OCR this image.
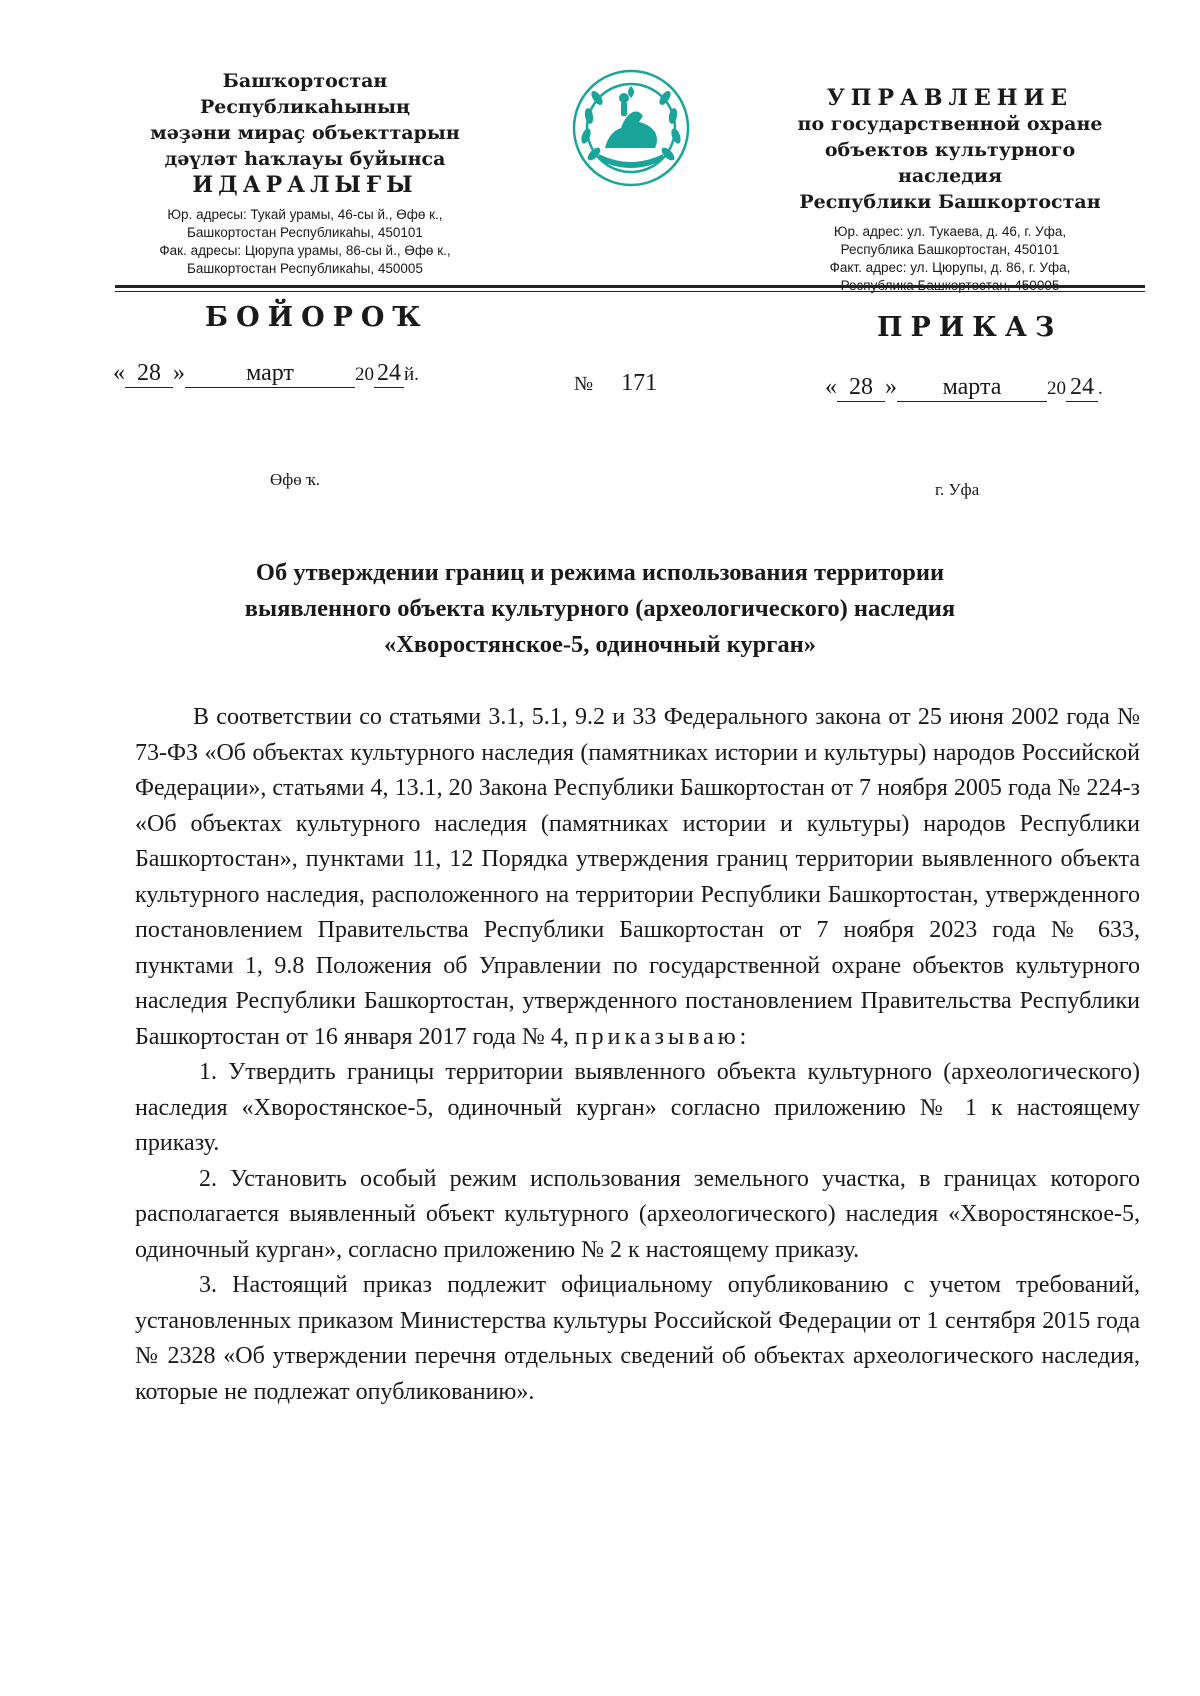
Башҡортостан Республикаһының
мәҙәни мираҫ объекттарын
дәүләт һаҡлауы буйынса
ИДАРАЛЫҒЫ
Юр. адресы: Тукай урамы, 46-сы й., Өфө к.,
Башкортостан Республикаһы, 450101
Фак. адресы: Цюрупа урамы, 86-сы й., Өфө к.,
Башкортостан Республикаһы, 450005
УПРАВЛЕНИЕ
по государственной охране
объектов культурного наследия
Республики Башкортостан
Юр. адрес: ул. Тукаева, д. 46, г. Уфа,
Республика Башкортостан, 450101
Факт. адрес: ул. Цюрупы, д. 86, г. Уфа,
БОЙОРОҠ	ПРИКАЗ
« 28 »	март	20 24 й.	№ 171	« 28 » марта 20 24 .
Өфө ҡ.
г. Уфа
Об утверждении границ и режима использования территории
выявленного объекта культурного (археологического) наследия
«Хворостянское-5, одиночный курган»

В соответствии со статьями 3.1, 5.1, 9.2 и 33 Федерального закона от 25 июня 2002 года № 73-ФЗ «Об объектах культурного наследия (памятниках истории и культуры) народов Российской Федерации», статьями 4, 13.1, 20 Закона Республики Башкортостан от 7 ноября 2005 года № 224-з «Об объектах культурного наследия (памятниках истории и культуры) народов Республики Башкортостан», пунктами 11, 12 Порядка утверждения границ территории выявленного объекта культурного наследия, расположенного на территории Республики Башкортостан, утвержденного постановлением Правительства Республики Башкортостан от 7 ноября 2023 года № 633, пунктами 1, 9.8 Положения об Управлении по государственной охране объектов культурного наследия Республики Башкортостан, утвержденного постановлением Правительства Республики Башкортостан от 16 января 2017 года № 4, приказываю:

1. Утвердить границы территории выявленного объекта культурного (археологического) наследия «Хворостянское-5, одиночный курган» согласно приложению № 1 к настоящему приказу.

2. Установить особый режим использования земельного участка, в границах которого располагается выявленный объект культурного (археологического) наследия «Хворостянское-5, одиночный курган», согласно приложению № 2 к настоящему приказу.

3. Настоящий приказ подлежит официальному опубликованию с учетом требований, установленных приказом Министерства культуры Российской Федерации от 1 сентября 2015 года № 2328 «Об утверждении перечня отдельных сведений об объектах археологического наследия, которые не подлежат опубликованию».
